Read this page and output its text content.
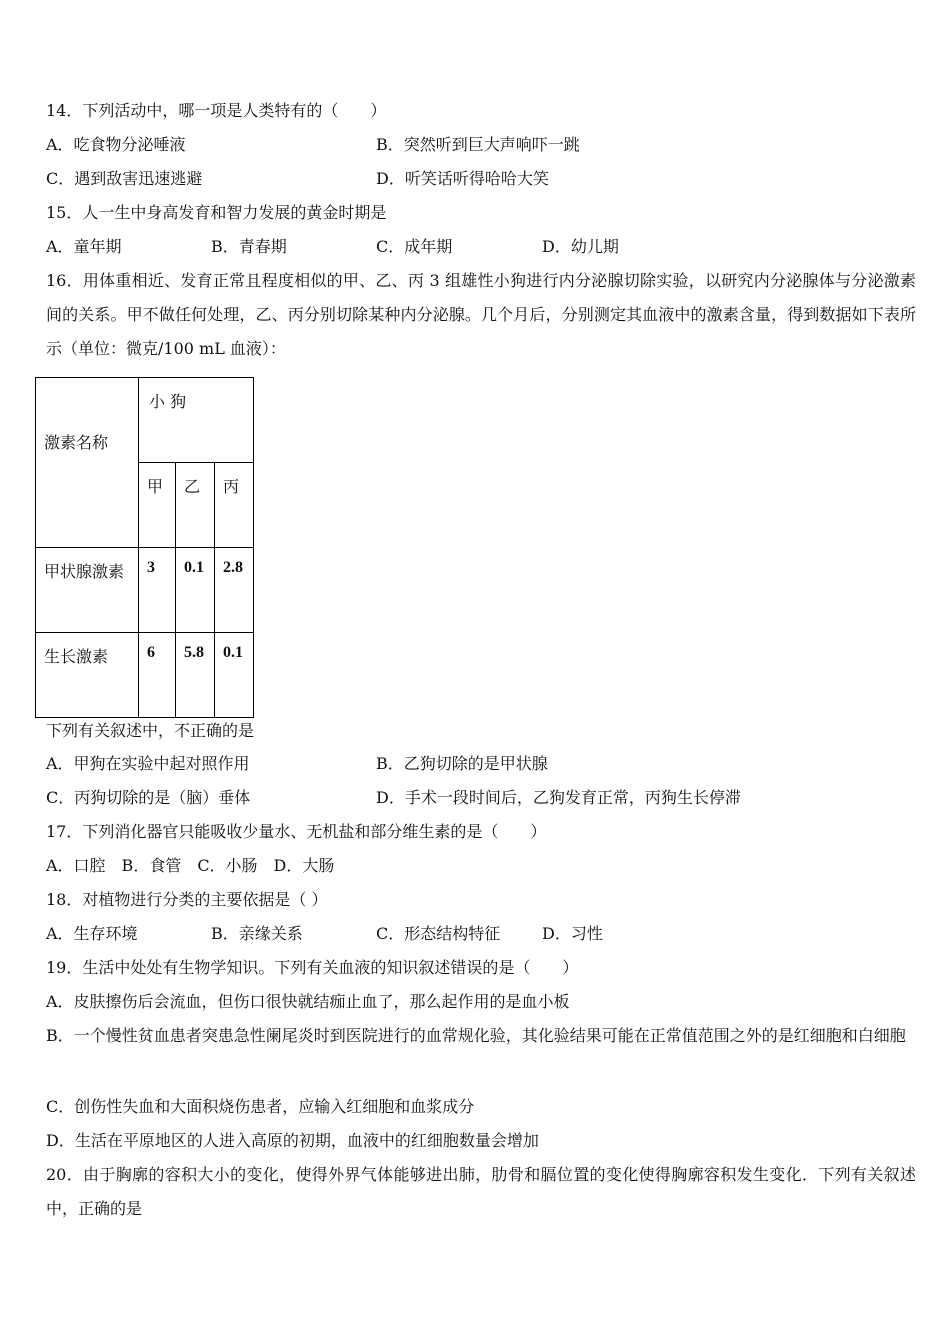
14．下列活动中，哪一项是人类特有的（　　）
A．吃食物分泌唾液	B．突然听到巨大声响吓一跳
C．遇到敌害迅速逃避	D．听笑话听得哈哈大笑
15．人一生中身高发育和智力发展的黄金时期是
A．童年期	B．青春期	C．成年期	D．幼儿期
16．用体重相近、发育正常且程度相似的甲、乙、丙 3 组雄性小狗进行内分泌腺切除实验，以研究内分泌腺体与分泌激素间的关系。甲不做任何处理，乙、丙分别切除某种内分泌腺。几个月后，分别测定其血液中的激素含量，得到数据如下表所示（单位：微克/100 mL 血液）：
激素名称	小 狗		
	甲	乙	丙
甲状腺激素	3	0.1	2.8
生长激素	6	5.8	0.1
下列有关叙述中，不正确的是
A．甲狗在实验中起对照作用	B．乙狗切除的是甲状腺
C．丙狗切除的是（脑）垂体	D．手术一段时间后，乙狗发育正常，丙狗生长停滞
17．下列消化器官只能吸收少量水、无机盐和部分维生素的是（　　）
A．口腔　B．食管　C．小肠　D．大肠
18．对植物进行分类的主要依据是（ ）
A．生存环境	B．亲缘关系	C．形态结构特征	D．习性
19．生活中处处有生物学知识。下列有关血液的知识叙述错误的是（　　）
A．皮肤擦伤后会流血，但伤口很快就结痂止血了，那么起作用的是血小板
B．一个慢性贫血患者突患急性阑尾炎时到医院进行的血常规化验，其化验结果可能在正常值范围之外的是红细胞和白细胞
C．创伤性失血和大面积烧伤患者，应输入红细胞和血浆成分
D．生活在平原地区的人进入高原的初期，血液中的红细胞数量会增加
20．由于胸廓的容积大小的变化，使得外界气体能够进出肺，肋骨和膈位置的变化使得胸廓容积发生变化．下列有关叙述中，正确的是
